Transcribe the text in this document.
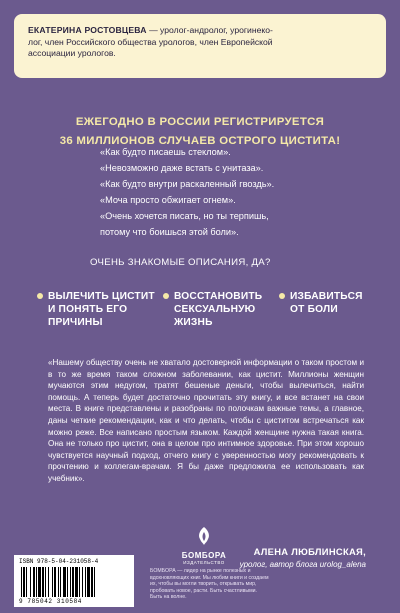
ЕКАТЕРИНА РОСТОВЦЕВА — уролог-андролог, урогинеко-
лог, член Российского общества урологов, член Европейской
ассоциации урологов.
ЕЖЕГОДНО В РОССИИ РЕГИСТРИРУЕТСЯ
36 МИЛЛИОНОВ СЛУЧАЕВ ОСТРОГО ЦИСТИТА!
«Как будто писаешь стеклом».
«Невозможно даже встать с унитаза».
«Как будто внутри раскаленный гвоздь».
«Моча просто обжигает огнем».
«Очень хочется писать, но ты терпишь,
потому что боишься этой боли».
ОЧЕНЬ ЗНАКОМЫЕ ОПИСАНИЯ, ДА?
ВЫЛЕЧИТЬ ЦИСТИТ
И ПОНЯТЬ ЕГО
ПРИЧИНЫ
ВОССТАНОВИТЬ
СЕКСУАЛЬНУЮ
ЖИЗНЬ
ИЗБАВИТЬСЯ
ОТ БОЛИ
«Нашему обществу очень не хватало достоверной информации о таком простом и в то же время таком сложном заболевании, как цистит. Миллионы женщин мучаются этим недугом, тратят бешеные деньги, чтобы вылечиться, найти помощь. А теперь будет достаточно прочитать эту книгу, и все встанет на свои места. В книге представлены и разобраны по полочкам важные темы, а главное, даны четкие рекомендации, как и что делать, чтобы с циститом встречаться как можно реже. Все написано простым языком. Каждой женщине нужна такая книга. Она не только про цистит, она в целом про интимное здоровье. При этом хорошо чувствуется научный подход, отчего книгу с уверенностью могу рекомендовать к прочтению и коллегам-врачам. Я бы даже предложила ее использовать как учебник».
АЛЕНА ЛЮБЛИНСКАЯ,
уролог, автор блога urolog_alena
БОМБОРА
ИЗДАТЕЛЬСТВО
БОМБОРА — лидер на рынке полезных и вдохновляющих книг. Мы любим книги и создаем их, чтобы вы могли творить, открывать мир, пробовать новое, расти. Быть счастливыми. Быть на волне.
ISBN 978-5-04-231058-4
9 785042 310584
